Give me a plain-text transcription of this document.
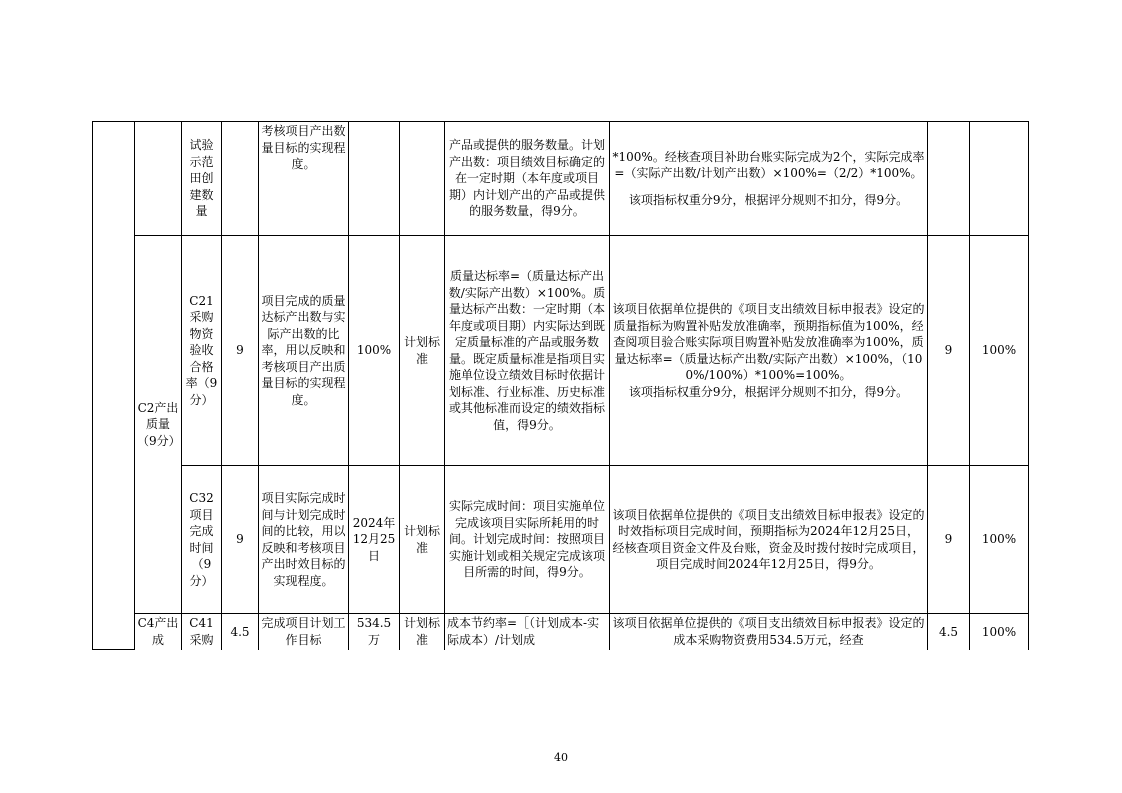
		试验示范田创建数量		考核项目产出数量目标的实现程度。			产品或提供的服务数量。计划产出数：项目绩效目标确定的在一定时期（本年度或项目期）内计划产出的产品或提供的服务数量，得9分。	*100%。经核查项目补助台账实际完成为2个，实际完成率=（实际产出数/计划产出数）×100%=（2/2）*100%。
该项指标权重分9分，根据评分规则不扣分，得9分。		

	C2产出质量（9分）	C21采购物资验收合格率（9分）	9	项目完成的质量达标产出数与实际产出数的比率，用以反映和考核项目产出质量目标的实现程度。	100%	计划标准	质量达标率=（质量达标产出数/实际产出数）×100%。质量达标产出数：一定时期（本年度或项目期）内实际达到既定质量标准的产品或服务数量。既定质量标准是指项目实施单位设立绩效目标时依据计划标准、行业标准、历史标准或其他标准而设定的绩效指标值，得9分。	该项目依据单位提供的《项目支出绩效目标申报表》设定的质量指标为购置补贴发放准确率，预期指标值为100%，经查阅项目验合账实际项目购置补贴发放准确率为100%，质量达标率=（质量达标产出数/实际产出数）×100%，（100%/100%）*100%=100%。
该项指标权重分9分，根据评分规则不扣分，得9分。	9	100%
		C32项目完成时间（9分）	9	项目实际完成时间与计划完成时间的比较，用以反映和考核项目产出时效目标的实现程度。	2024年12月25日	计划标准	实际完成时间：项目实施单位完成该项目实际所耗用的时间。计划完成时间：按照项目实施计划或相关规定完成该项目所需的时间，得9分。	该项目依据单位提供的《项目支出绩效目标申报表》设定的时效指标项目完成时间，预期指标为2024年12月25日，经核查项目资金文件及台账，资金及时拨付按时完成项目，项目完成时间2024年12月25日，得9分。	9	100%
	C4产出成	C41采购	4.5	完成项目计划工作目标	534.5万	计划标准	成本节约率=［（计划成本-实际成本）/计划成	该项目依据单位提供的《项目支出绩效目标申报表》设定的成本采购物资费用534.5万元，经查	4.5	100%
40
